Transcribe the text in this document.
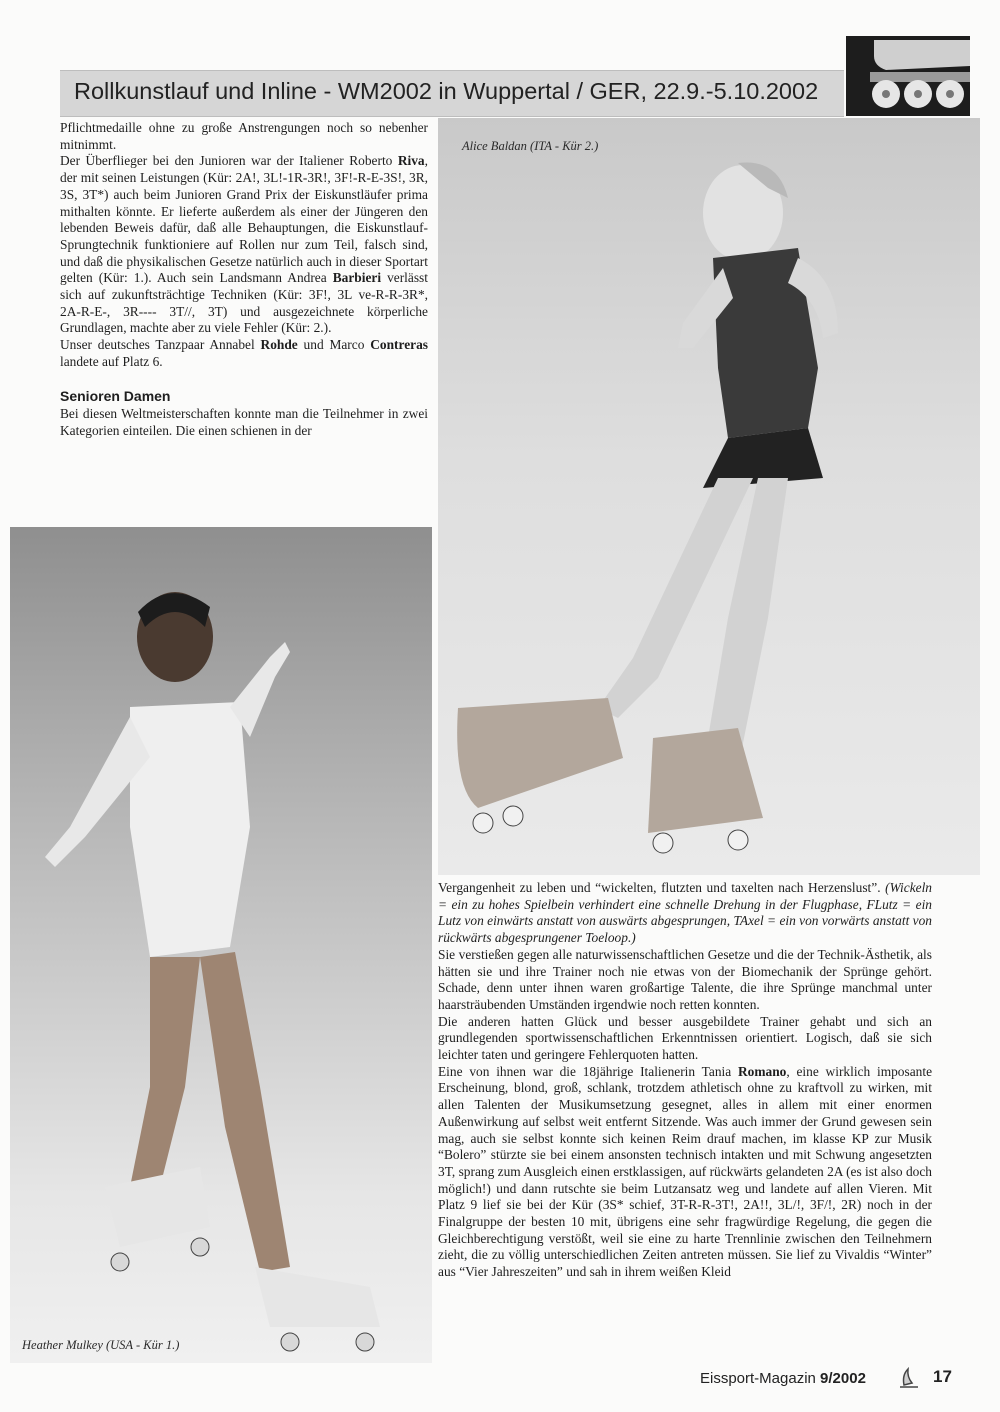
Rollkunstlauf und Inline - WM2002 in Wuppertal / GER, 22.9.-5.10.2002

Pflichtmedaille ohne zu große Anstrengungen noch so nebenher mitnimmt.

Der Überflieger bei den Junioren war der Italiener Roberto Riva, der mit seinen Leistungen (Kür: 2A!, 3L!-1R-3R!, 3F!-R-E-3S!, 3R, 3S, 3T*) auch beim Junioren Grand Prix der Eiskunstläufer prima mithalten könnte. Er lieferte außerdem als einer der Jüngeren den lebenden Beweis dafür, daß alle Behauptungen, die Eiskunstlauf-Sprungtechnik funktioniere auf Rollen nur zum Teil, falsch sind, und daß die physikalischen Gesetze natürlich auch in dieser Sportart gelten (Kür: 1.). Auch sein Landsmann Andrea Barbieri verlässt sich auf zukunftsträchtige Techniken (Kür: 3F!, 3L ve-R-R-3R*, 2A-R-E-, 3R---- 3T//, 3T) und ausgezeichnete körperliche Grundlagen, machte aber zu viele Fehler (Kür: 2.).

Unser deutsches Tanzpaar Annabel Rohde und Marco Contreras landete auf Platz 6.

Senioren Damen

Bei diesen Weltmeisterschaften konnte man die Teilnehmer in zwei Kategorien einteilen. Die einen schienen in der

Alice Baldan (ITA - Kür 2.)
Heather Mulkey (USA - Kür 1.)

Vergangenheit zu leben und “wickelten, flutzten und taxelten nach Herzenslust”. (Wickeln = ein zu hohes Spielbein verhindert eine schnelle Drehung in der Flugphase, FLutz = ein Lutz von einwärts anstatt von auswärts abgesprungen, TAxel = ein von vorwärts anstatt von rückwärts abgesprungener Toeloop.)

Sie verstießen gegen alle naturwissenschaftlichen Gesetze und die der Technik-Ästhetik, als hätten sie und ihre Trainer noch nie etwas von der Biomechanik der Sprünge gehört. Schade, denn unter ihnen waren großartige Talente, die ihre Sprünge manchmal unter haarsträubenden Umständen irgendwie noch retten konnten.

Die anderen hatten Glück und besser ausgebildete Trainer gehabt und sich an grundlegenden sportwissenschaftlichen Erkenntnissen orientiert. Logisch, daß sie sich leichter taten und geringere Fehlerquoten hatten.

Eine von ihnen war die 18jährige Italienerin Tania Romano, eine wirklich imposante Erscheinung, blond, groß, schlank, trotzdem athletisch ohne zu kraftvoll zu wirken, mit allen Talenten der Musikumsetzung gesegnet, alles in allem mit einer enormen Außenwirkung auf selbst weit entfernt Sitzende. Was auch immer der Grund gewesen sein mag, auch sie selbst konnte sich keinen Reim drauf machen, im klasse KP zur Musik “Bolero” stürzte sie bei einem ansonsten technisch intakten und mit Schwung angesetzten 3T, sprang zum Ausgleich einen erstklassigen, auf rückwärts gelandeten 2A (es ist also doch möglich!) und dann rutschte sie beim Lutzansatz weg und landete auf allen Vieren. Mit Platz 9 lief sie bei der Kür (3S* schief, 3T-R-R-3T!, 2A!!, 3L/!, 3F/!, 2R) noch in der Finalgruppe der besten 10 mit, übrigens eine sehr fragwürdige Regelung, die gegen die Gleichberechtigung verstößt, weil sie eine zu harte Trennlinie zwischen den Teilnehmern zieht, die zu völlig unterschiedlichen Zeiten antreten müssen. Sie lief zu Vivaldis “Winter” aus “Vier Jahreszeiten” und sah in ihrem weißen Kleid

Eissport-Magazin 9/2002	17
